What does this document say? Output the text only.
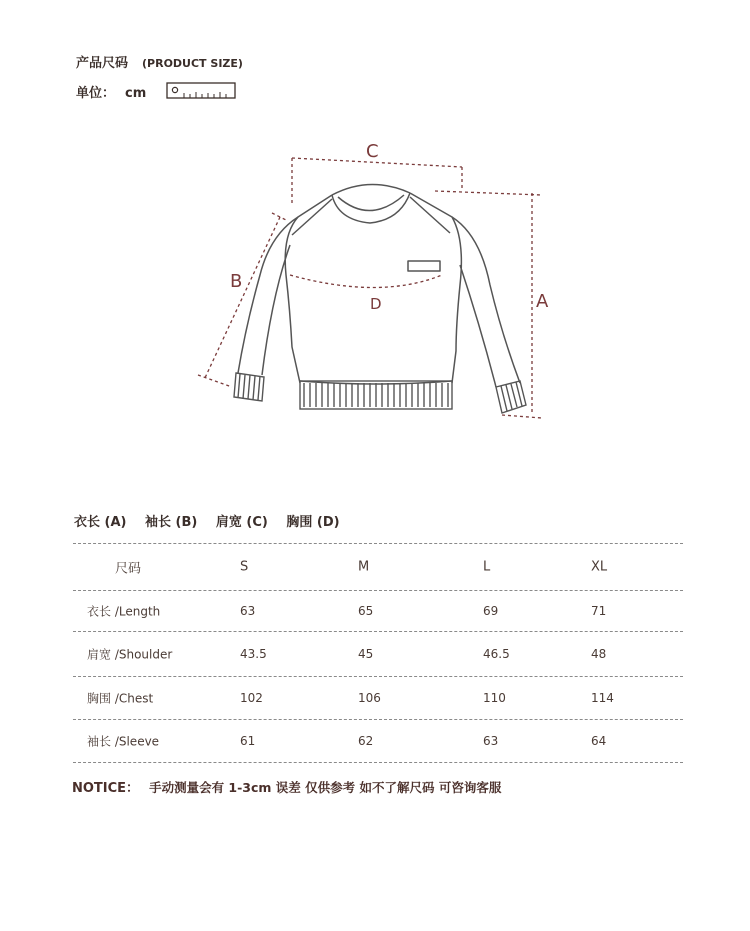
产品尺码 (PRODUCT SIZE)
单位： cm
C
B
A
D
衣长 (A) 袖长 (B) 肩宽 (C) 胸围 (D)
尺码	S	M	L	XL
衣长 /Length	63	65	69	71
肩宽 /Shoulder	43.5	45	46.5	48
胸围 /Chest	102	106	110	114
袖长 /Sleeve	61	62	63	64
NOTICE： 手动测量会有 1-3cm 误差 仅供参考 如不了解尺码 可咨询客服
